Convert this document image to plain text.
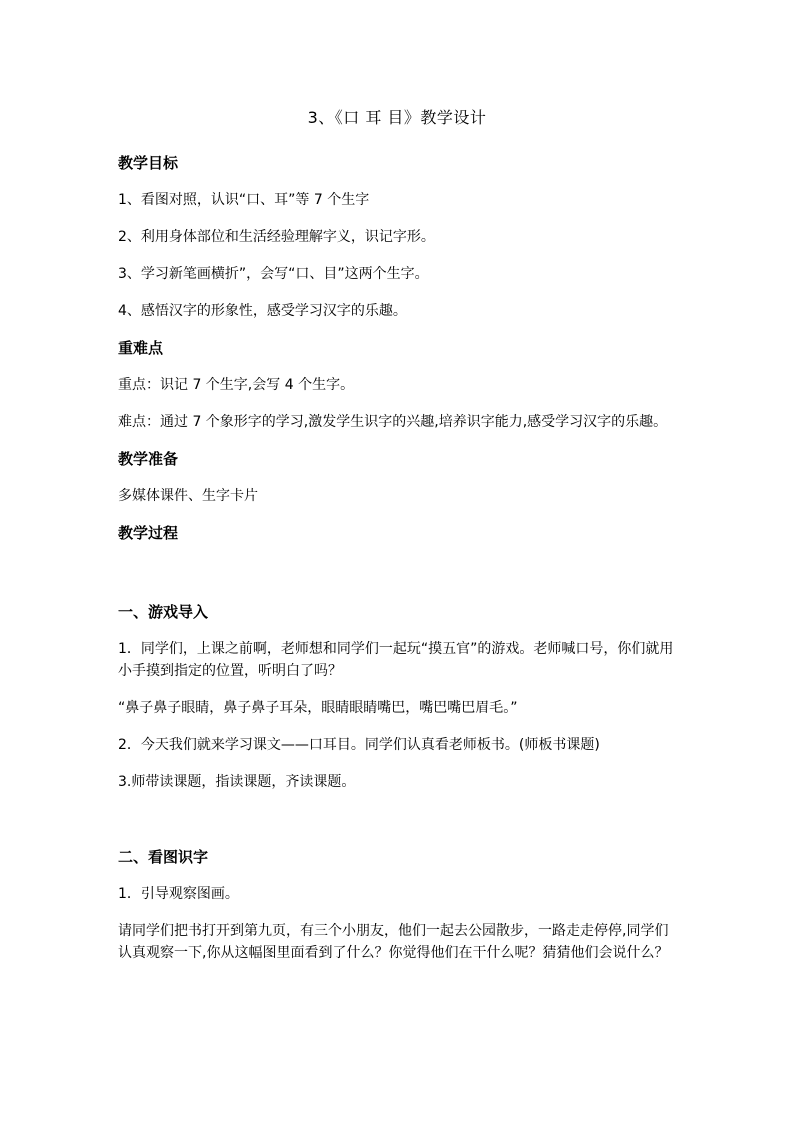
3、《口 耳 目》教学设计
教学目标
1、看图对照，认识“口、耳”等 7 个生字
2、利用身体部位和生活经验理解字义，识记字形。
3、学习新笔画横折”，会写“口、目”这两个生字。
4、感悟汉字的形象性，感受学习汉字的乐趣。
重难点
重点：识记 7 个生字,会写 4 个生字。
难点：通过 7 个象形字的学习,激发学生识字的兴趣,培养识字能力,感受学习汉字的乐趣。
教学准备
多媒体课件、生字卡片
教学过程
一、游戏导入
1．同学们，上课之前啊，老师想和同学们一起玩“摸五官”的游戏。老师喊口号，你们就用小手摸到指定的位置，听明白了吗？
“鼻子鼻子眼睛，鼻子鼻子耳朵，眼睛眼睛嘴巴，嘴巴嘴巴眉毛。”
2．今天我们就来学习课文——口耳目。同学们认真看老师板书。(师板书课题)
3.师带读课题，指读课题，齐读课题。
二、看图识字
1．引导观察图画。
请同学们把书打开到第九页，有三个小朋友，他们一起去公园散步，一路走走停停,同学们认真观察一下,你从这幅图里面看到了什么？你觉得他们在干什么呢？猜猜他们会说什么？
